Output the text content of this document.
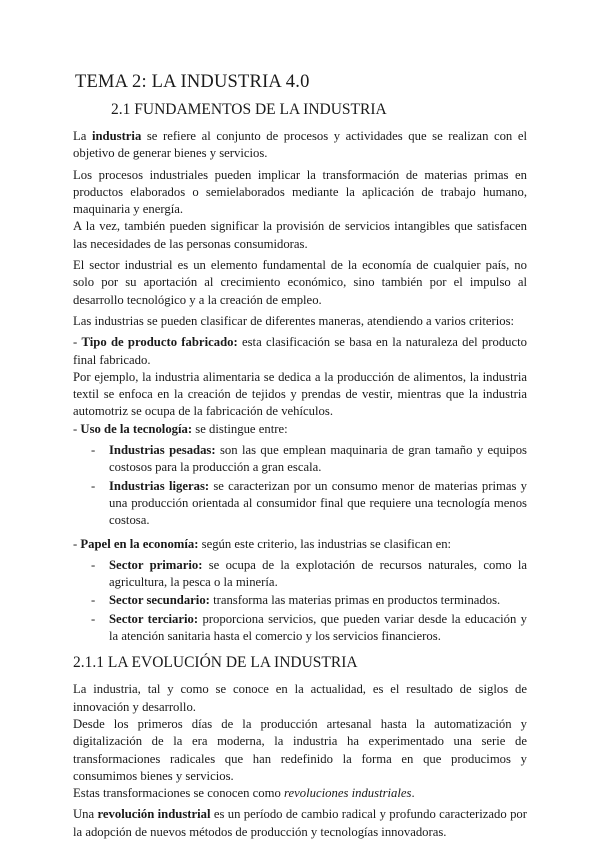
TEMA 2: LA INDUSTRIA 4.0
2.1 FUNDAMENTOS DE LA INDUSTRIA

La industria se refiere al conjunto de procesos y actividades que se realizan con el objetivo de generar bienes y servicios.

Los procesos industriales pueden implicar la transformación de materias primas en productos elaborados o semielaborados mediante la aplicación de trabajo humano, maquinaria y energía.

A la vez, también pueden significar la provisión de servicios intangibles que satisfacen las necesidades de las personas consumidoras.

El sector industrial es un elemento fundamental de la economía de cualquier país, no solo por su aportación al crecimiento económico, sino también por el impulso al desarrollo tecnológico y a la creación de empleo.

Las industrias se pueden clasificar de diferentes maneras, atendiendo a varios criterios:

- Tipo de producto fabricado: esta clasificación se basa en la naturaleza del producto final fabricado.

Por ejemplo, la industria alimentaria se dedica a la producción de alimentos, la industria textil se enfoca en la creación de tejidos y prendas de vestir, mientras que la industria automotriz se ocupa de la fabricación de vehículos.

- Uso de la tecnología: se distingue entre:

- Industrias pesadas: son las que emplean maquinaria de gran tamaño y equipos costosos para la producción a gran escala.
- Industrias ligeras: se caracterizan por un consumo menor de materias primas y una producción orientada al consumidor final que requiere una tecnología menos costosa.

- Papel en la economía: según este criterio, las industrias se clasifican en:

- Sector primario: se ocupa de la explotación de recursos naturales, como la agricultura, la pesca o la minería.
- Sector secundario: transforma las materias primas en productos terminados.
- Sector terciario: proporciona servicios, que pueden variar desde la educación y la atención sanitaria hasta el comercio y los servicios financieros.
2.1.1 LA EVOLUCIÓN DE LA INDUSTRIA

La industria, tal y como se conoce en la actualidad, es el resultado de siglos de innovación y desarrollo.

Desde los primeros días de la producción artesanal hasta la automatización y digitalización de la era moderna, la industria ha experimentado una serie de transformaciones radicales que han redefinido la forma en que producimos y consumimos bienes y servicios.

Estas transformaciones se conocen como revoluciones industriales.

Una revolución industrial es un período de cambio radical y profundo caracterizado por la adopción de nuevos métodos de producción y tecnologías innovadoras.
